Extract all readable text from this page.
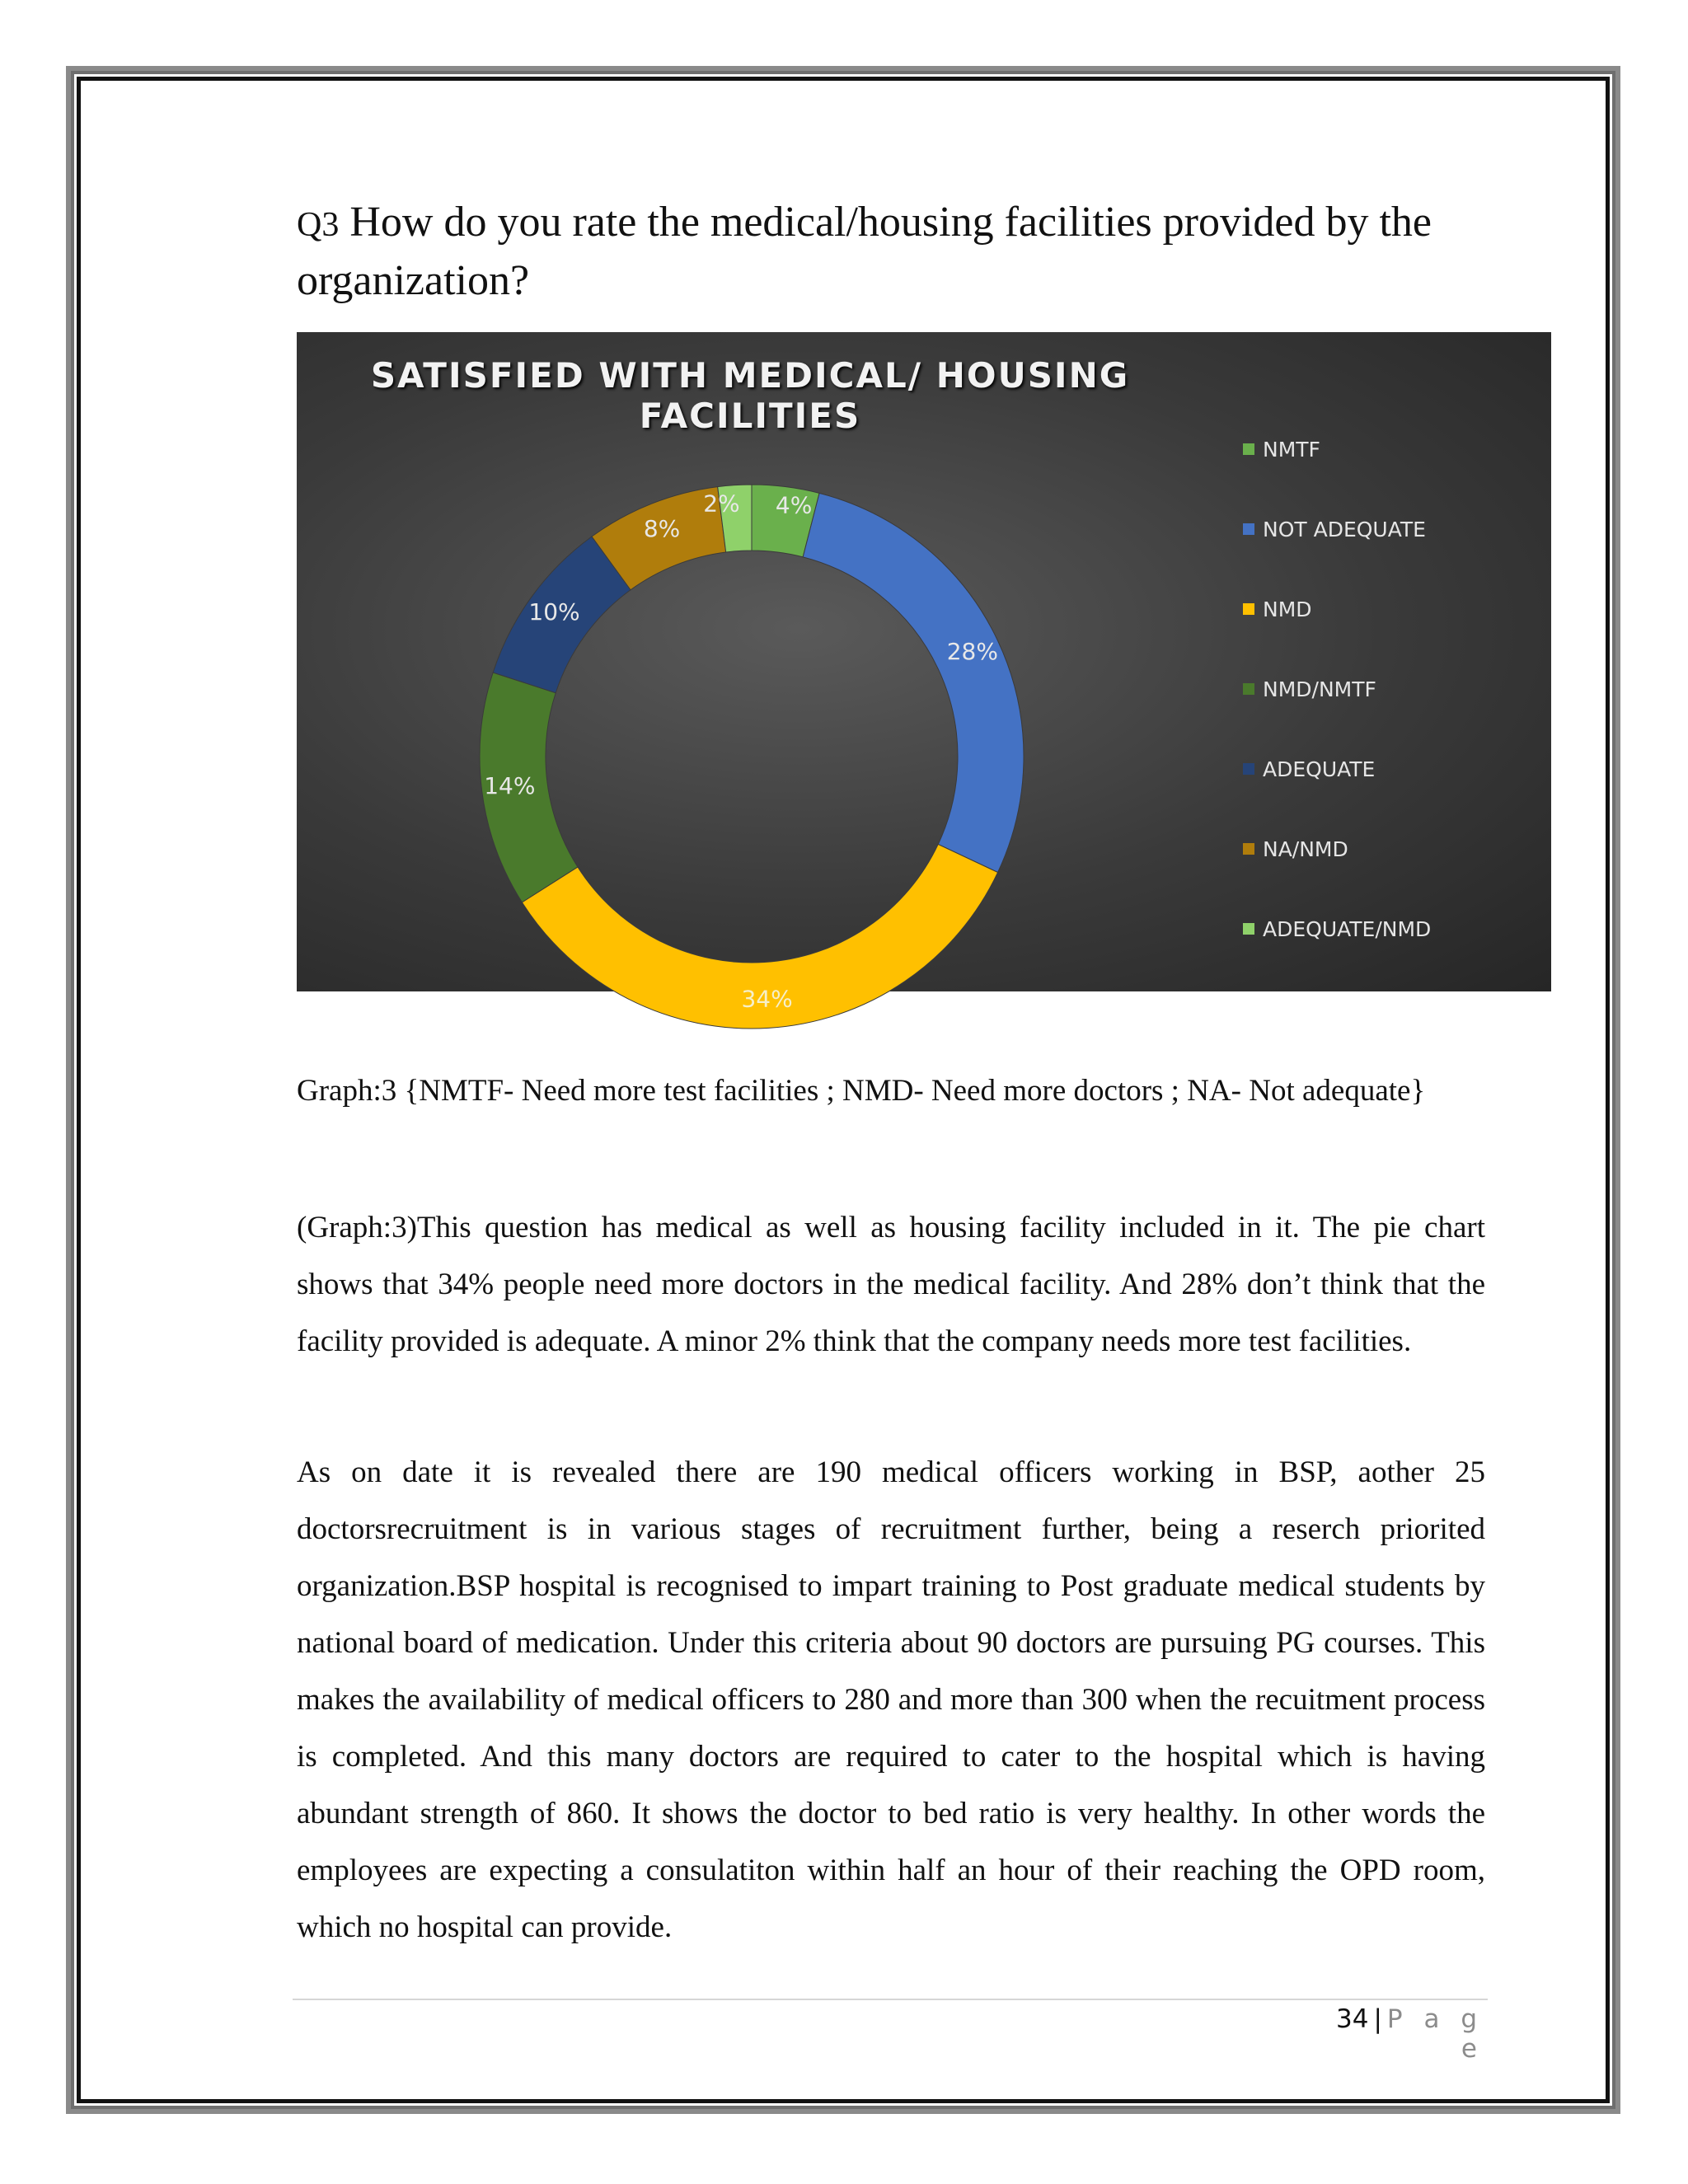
Q3 How do you rate the medical/housing facilities provided by the organization?
SATISFIED WITH MEDICAL/ HOUSING FACILITIES
4%
28%
34%
14%
10%
8%
2%
NMTF
NOT ADEQUATE
NMD
NMD/NMTF
ADEQUATE
NA/NMD
ADEQUATE/NMD

Graph:3 {NMTF- Need more test facilities ; NMD- Need more doctors ; NA- Not adequate}

(Graph:3)This question has medical as well as housing facility included in it. The pie chart shows that 34% people need more doctors in the medical facility. And 28% don’t think that the facility provided is adequate. A minor 2% think that the company needs more test facilities.

As on date it is revealed there are 190 medical officers working in BSP, aother 25 doctorsrecruitment is in various stages of recruitment further, being a reserch priorited organization.BSP hospital is recognised to impart training to Post graduate medical students by national board of medication. Under this criteria about 90 doctors are pursuing PG courses. This makes the availability of medical officers to 280 and more than 300 when the recuitment process is completed. And this many doctors are required to cater to the hospital which is having abundant strength of 860. It shows the doctor to bed ratio is very healthy. In other words the employees are expecting a consulatiton within half an hour of their reaching the OPD room, which no hospital can provide.

34 | P a g e
